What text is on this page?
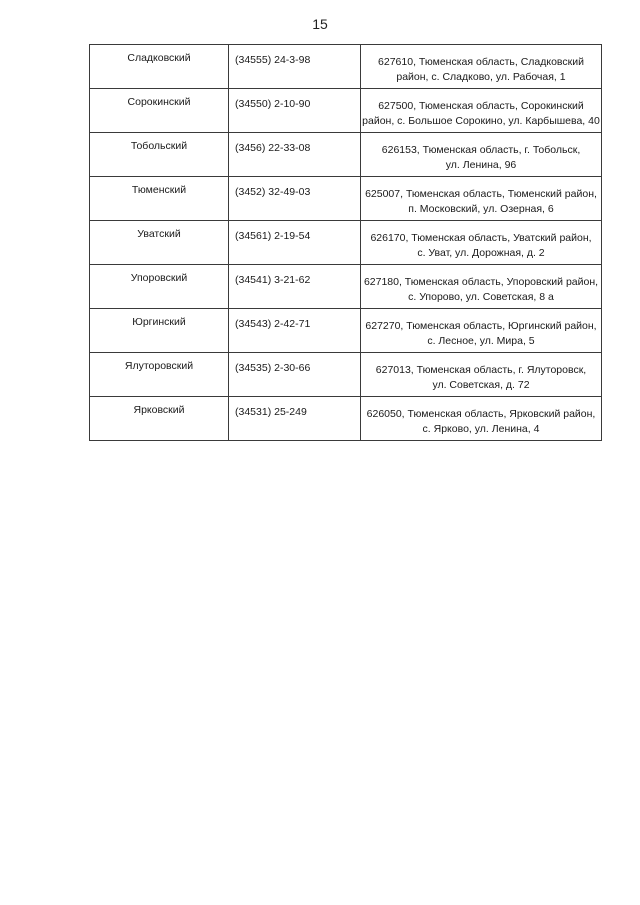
15
Сладковский	(34555) 24-3-98	627610, Тюменская область, Сладковский
район, с. Сладково, ул. Рабочая, 1

Сорокинский	(34550) 2-10-90	627500, Тюменская область, Сорокинский
район, с. Большое Сорокино, ул. Карбышева, 40

Тобольский	(3456) 22-33-08	626153, Тюменская область, г. Тобольск,
ул. Ленина, 96

Тюменский	(3452) 32-49-03	625007, Тюменская область, Тюменский район,
п. Московский, ул. Озерная, 6

Уватский	(34561) 2-19-54	626170, Тюменская область, Уватский район,
с. Уват, ул. Дорожная, д. 2

Упоровский	(34541) 3-21-62	627180, Тюменская область, Упоровский район,
с. Упорово, ул. Советская, 8 а

Юргинский	(34543) 2-42-71	627270, Тюменская область, Юргинский район,
с. Лесное, ул. Мира, 5

Ялуторовский	(34535) 2-30-66	627013, Тюменская область, г. Ялуторовск,
ул. Советская, д. 72

Ярковский	(34531) 25-249	626050, Тюменская область, Ярковский район,
с. Ярково, ул. Ленина, 4
